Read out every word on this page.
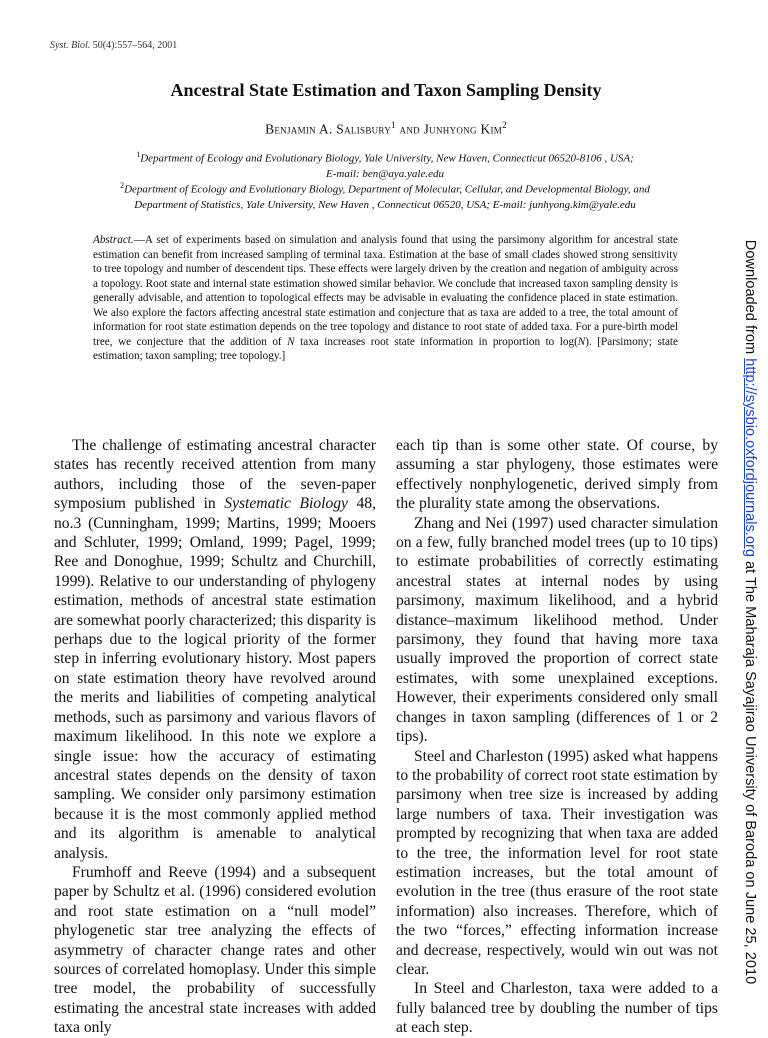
Syst. Biol. 50(4):557–564, 2001
Ancestral State Estimation and Taxon Sampling Density
Benjamin A. Salisbury$^1$ and Junhyong Kim$^2$
$^1$Department of Ecology and Evolutionary Biology, Yale University, New Haven, Connecticut 06520-8106 , USA;
E-mail: ben@aya.yale.edu
$^2$Department of Ecology and Evolutionary Biology, Department of Molecular, Cellular, and Developmental Biology, and
Department of Statistics, Yale University, New Haven , Connecticut 06520, USA; E-mail: junhyong.kim@yale.edu

Abstract.—A set of experiments based on simulation and analysis found that using the parsimony algorithm for ancestral state estimation can benefit from increased sampling of terminal taxa. Estimation at the base of small clades showed strong sensitivity to tree topology and number of descendent tips. These effects were largely driven by the creation and negation of ambiguity across a topology. Root state and internal state estimation showed similar behavior. We conclude that increased taxon sampling density is generally advisable, and attention to topological effects may be advisable in evaluating the confidence placed in state estimation. We also explore the factors affecting ancestral state estimation and conjecture that as taxa are added to a tree, the total amount of information for root state estimation depends on the tree topology and distance to root state of added taxa. For a pure-birth model tree, we conjecture that the addition of N taxa increases root state information in proportion to log(N). [Parsimony; state estimation; taxon sampling; tree topology.]

The challenge of estimating ancestral character states has recently received attention from many authors, including those of the seven-paper symposium published in Systematic Biology 48, no.3 (Cunningham, 1999; Martins, 1999; Mooers and Schluter, 1999; Omland, 1999; Pagel, 1999; Ree and Donoghue, 1999; Schultz and Churchill, 1999). Relative to our understanding of phylogeny estimation, methods of ancestral state estimation are somewhat poorly characterized; this disparity is perhaps due to the logical priority of the former step in inferring evolutionary history. Most papers on state estimation theory have revolved around the merits and liabilities of competing analytical methods, such as parsimony and various flavors of maximum likelihood. In this note we explore a single issue: how the accuracy of estimating ancestral states depends on the density of taxon sampling. We consider only parsimony estimation because it is the most commonly applied method and its algorithm is amenable to analytical analysis.

Frumhoff and Reeve (1994) and a subsequent paper by Schultz et al. (1996) considered evolution and root state estimation on a “null model” phylogenetic star tree analyzing the effects of asymmetry of character change rates and other sources of correlated homoplasy. Under this simple tree model, the probability of successfully estimating the ancestral state increases with added taxa only

each tip than is some other state. Of course, by assuming a star phylogeny, those estimates were effectively nonphylogenetic, derived simply from the plurality state among the observations.

Zhang and Nei (1997) used character simulation on a few, fully branched model trees (up to 10 tips) to estimate probabilities of correctly estimating ancestral states at internal nodes by using parsimony, maximum likelihood, and a hybrid distance–maximum likelihood method. Under parsimony, they found that having more taxa usually improved the proportion of correct state estimates, with some unexplained exceptions. However, their experiments considered only small changes in taxon sampling (differences of 1 or 2 tips).

Steel and Charleston (1995) asked what happens to the probability of correct root state estimation by parsimony when tree size is increased by adding large numbers of taxa. Their investigation was prompted by recognizing that when taxa are added to the tree, the information level for root state estimation increases, but the total amount of evolution in the tree (thus erasure of the root state information) also increases. Therefore, which of the two “forces,” effecting information increase and decrease, respectively, would win out was not clear.

In Steel and Charleston, taxa were added to a fully balanced tree by doubling the number of tips at each step.

Downloaded from http://sysbio.oxfordjournals.org at The Maharaja Sayajirao University of Baroda on June 25, 2010
